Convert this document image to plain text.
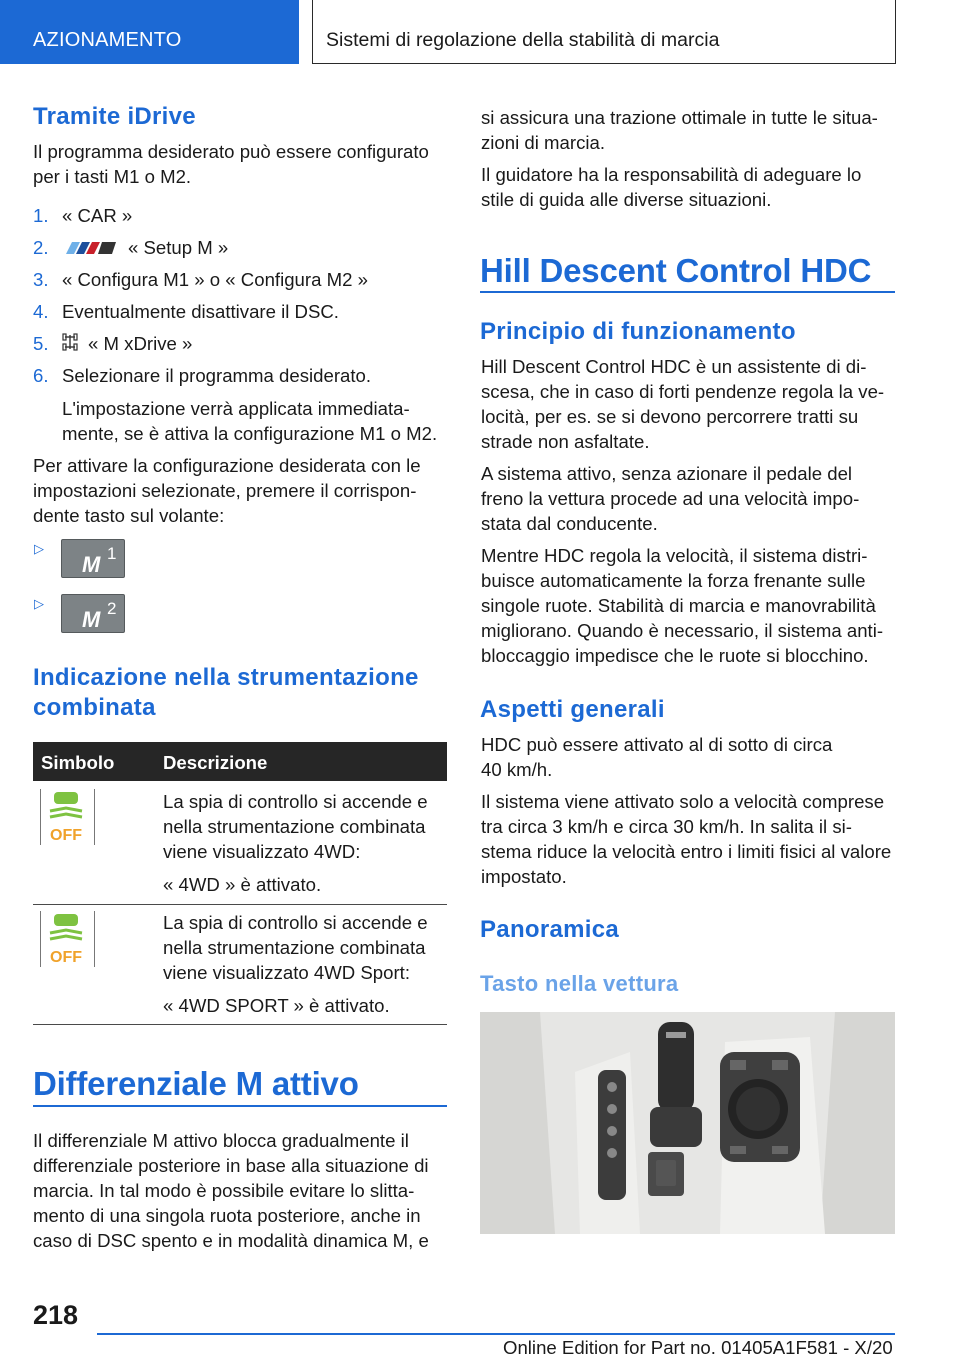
AZIONAMENTO	Sistemi di regolazione della stabilità di marcia
Tramite iDrive
Il programma desiderato può essere configurato
per i tasti M1 o M2.
1. « CAR »
2.	« Setup M »
3. « Configura M1 » o « Configura M2 »
4. Eventualmente disattivare il DSC.
5.	« M xDrive »
6. Selezionare il programma desiderato.
L'impostazione verrà applicata immediata-
mente, se è attiva la configurazione M1 o M2.
Per attivare la configurazione desiderata con le
impostazioni selezionate, premere il corrispon-
dente tasto sul volante:
▷
M 1
▷
M 2
Indicazione nella strumentazione
combinata
Simbolo	Descrizione
OFF
La spia di controllo si accende e
nella strumentazione combinata
viene visualizzato 4WD:
« 4WD » è attivato.
OFF
La spia di controllo si accende e
nella strumentazione combinata
viene visualizzato 4WD Sport:
« 4WD SPORT » è attivato.
Differenziale M attivo
Il differenziale M attivo blocca gradualmente il
differenziale posteriore in base alla situazione di
marcia. In tal modo è possibile evitare lo slitta-
mento di una singola ruota posteriore, anche in
caso di DSC spento e in modalità dinamica M, e
si assicura una trazione ottimale in tutte le situa-
zioni di marcia.
Il guidatore ha la responsabilità di adeguare lo
stile di guida alle diverse situazioni.
Hill Descent Control HDC
Principio di funzionamento
Hill Descent Control HDC è un assistente di di-
scesa, che in caso di forti pendenze regola la ve-
locità, per es. se si devono percorrere tratti su
strade non asfaltate.
A sistema attivo, senza azionare il pedale del
freno la vettura procede ad una velocità impo-
stata dal conducente.
Mentre HDC regola la velocità, il sistema distri-
buisce automaticamente la forza frenante sulle
singole ruote. Stabilità di marcia e manovrabilità
migliorano. Quando è necessario, il sistema anti-
bloccaggio impedisce che le ruote si blocchino.
Aspetti generali
HDC può essere attivato al di sotto di circa
40 km/h.
Il sistema viene attivato solo a velocità comprese
tra circa 3 km/h e circa 30 km/h. In salita il si-
stema riduce la velocità entro i limiti fisici al valore
impostato.
Panoramica
Tasto nella vettura
218
Online Edition for Part no. 01405A1F581 - X/20
